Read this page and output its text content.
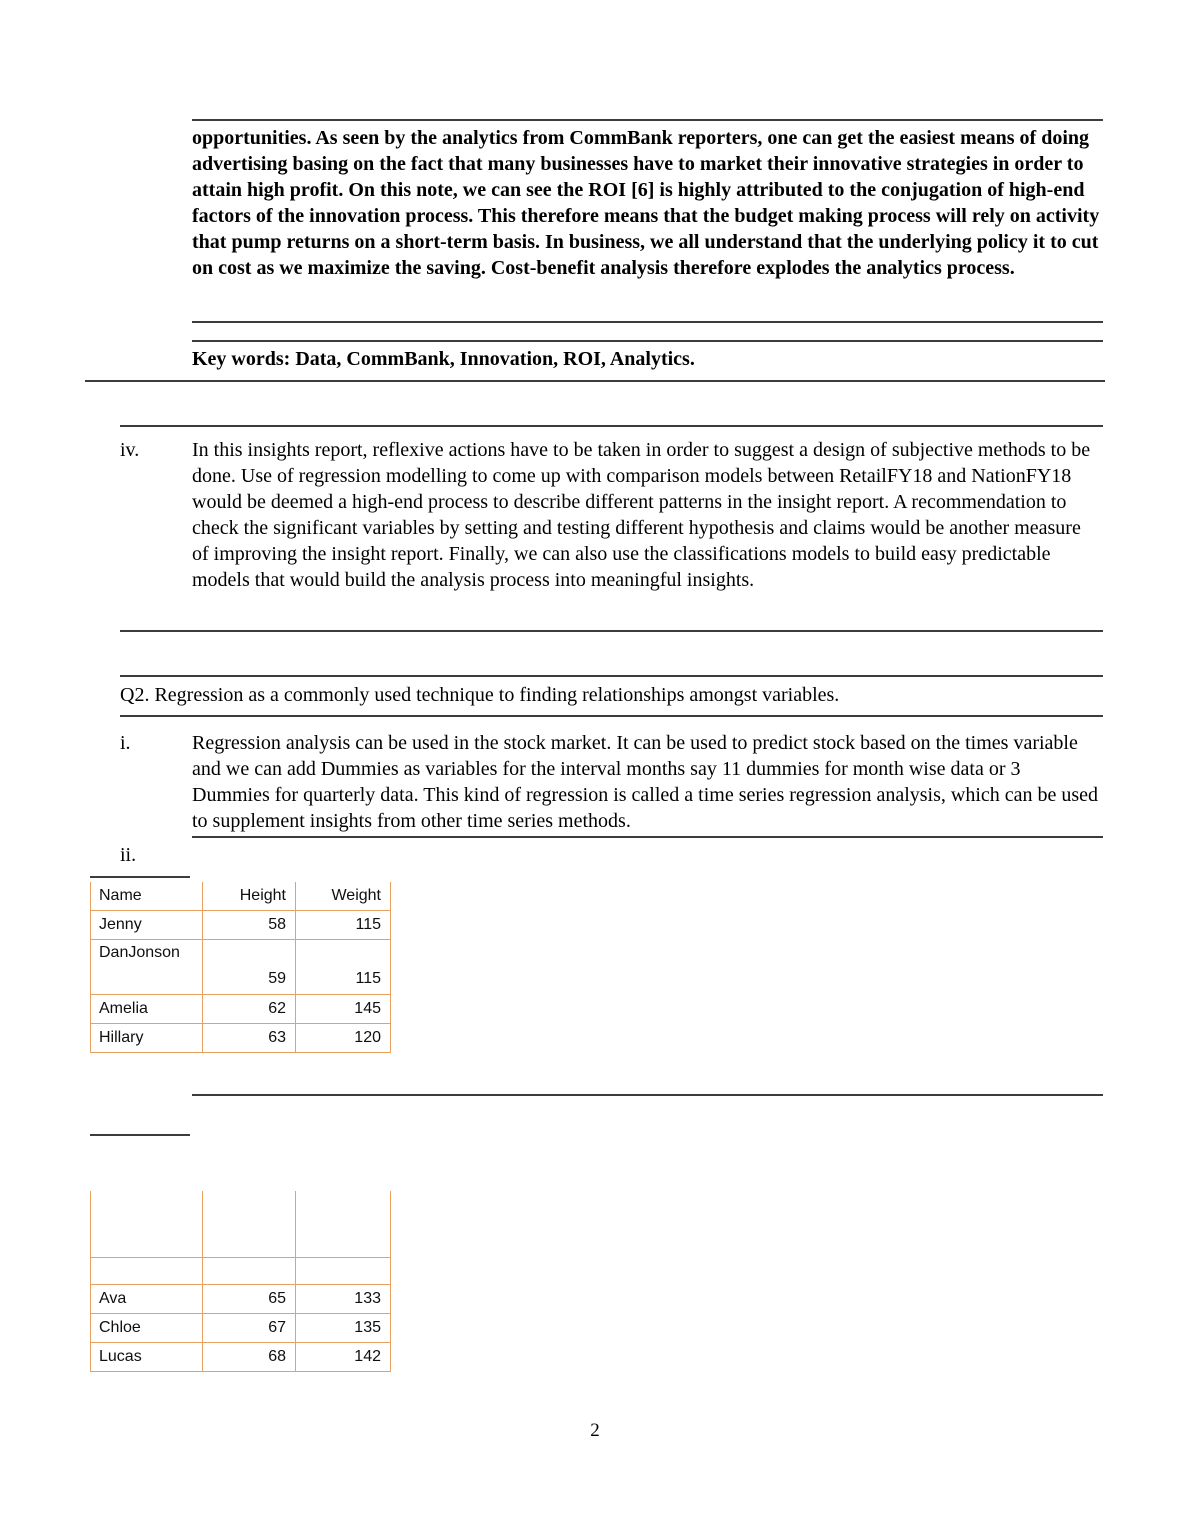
opportunities. As seen by the analytics from CommBank reporters, one can get the easiest means of doing advertising basing on the fact that many businesses have to market their innovative strategies in order to attain high profit. On this note, we can see the ROI [6] is highly attributed to the conjugation of high-end factors of the innovation process. This therefore means that the budget making process will rely on activity that pump returns on a short-term basis. In business, we all understand that the underlying policy it to cut on cost as we maximize the saving. Cost-benefit analysis therefore explodes the analytics process.

Key words: Data, CommBank, Innovation, ROI, Analytics.

iv.	In this insights report, reflexive actions have to be taken in order to suggest a design of subjective methods to be done. Use of regression modelling to come up with comparison models between RetailFY18 and NationFY18 would be deemed a high-end process to describe different patterns in the insight report. A recommendation to check the significant variables by setting and testing different hypothesis and claims would be another measure of improving the insight report. Finally, we can also use the classifications models to build easy predictable models that would build the analysis process into meaningful insights.

Q2. Regression as a commonly used technique to finding relationships amongst variables.

i.	Regression analysis can be used in the stock market. It can be used to predict stock based on the times variable and we can add Dummies as variables for the interval months say 11 dummies for month wise data or 3 Dummies for quarterly data. This kind of regression is called a time series regression analysis, which can be used to supplement insights from other time series methods.

ii.
Name	Height	Weight
Jenny	58	115
DanJonson	59	115
Amelia	62	145
Hillary	63	120

Ava	65	133
Chloe	67	135
Lucas	68	142
2
